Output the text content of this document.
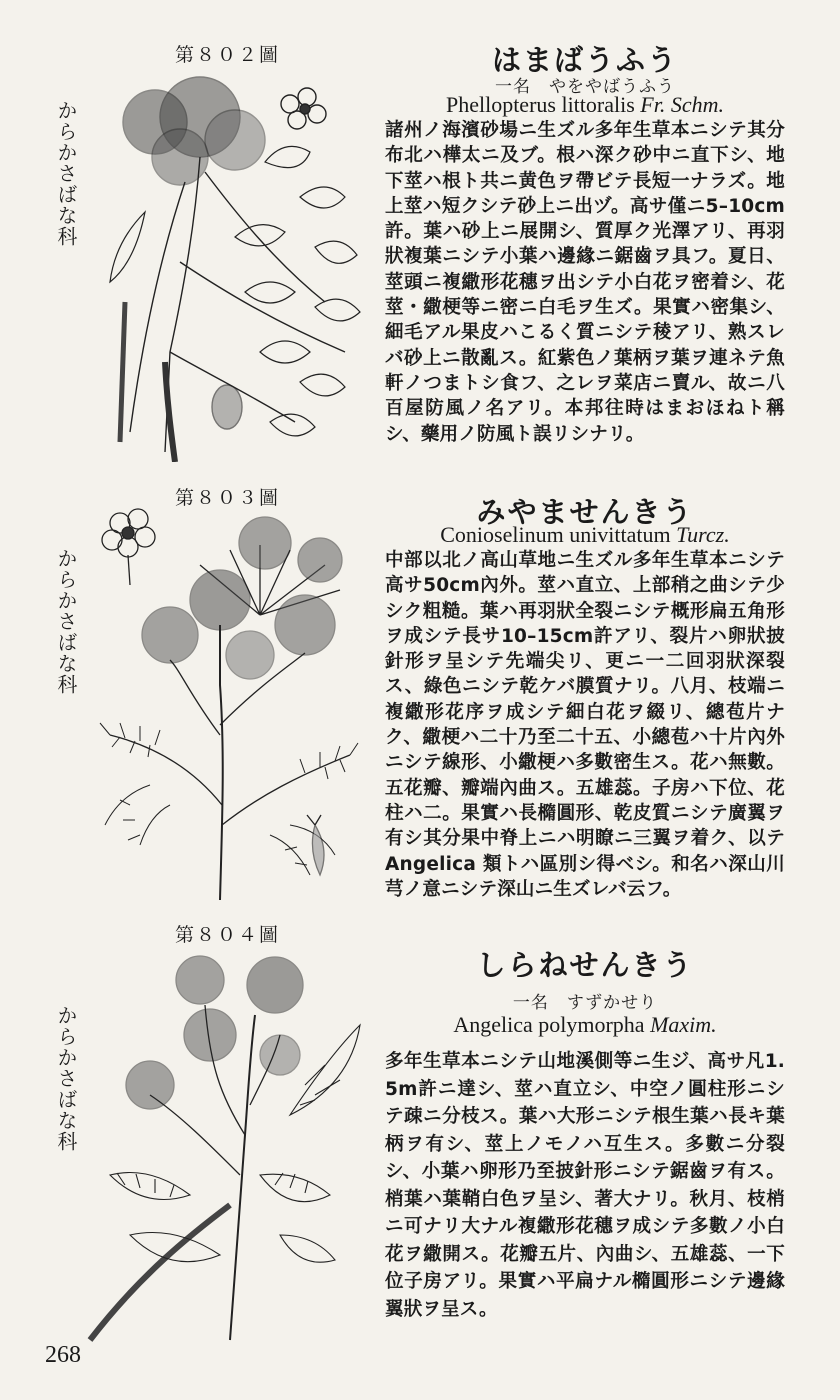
第８０２圖
からかさばな科
はまばうふう
一名　やをやばうふう
Phellopterus littoralis Fr. Schm.
諸州ノ海濱砂場ニ生ズル多年生草本ニシテ其分布北ハ樺太ニ及ブ。根ハ深ク砂中ニ直下シ、地下莖ハ根ト共ニ黄色ヲ帶ビテ長短一ナラズ。地上莖ハ短クシテ砂上ニ出ヅ。高サ僅ニ5–10cm許。葉ハ砂上ニ展開シ、質厚ク光澤アリ、再羽狀複葉ニシテ小葉ハ邊緣ニ鋸齒ヲ具フ。夏日、莖頭ニ複繖形花穗ヲ出シテ小白花ヲ密着シ、花莖・繖梗等ニ密ニ白毛ヲ生ズ。果實ハ密集シ、細毛アル果皮ハこるく質ニシテ稜アリ、熟スレバ砂上ニ散亂ス。紅紫色ノ葉柄ヲ葉ヲ連ネテ魚軒ノつまトシ食フ、之レヲ菜店ニ賣ル、故ニ八百屋防風ノ名アリ。本邦往時はまおほねト稱シ、藥用ノ防風ト誤リシナリ。
第８０３圖
からかさばな科
みやませんきう
Conioselinum univittatum Turcz.
中部以北ノ高山草地ニ生ズル多年生草本ニシテ高サ50cm內外。莖ハ直立、上部稍之曲シテ少シク粗糙。葉ハ再羽狀全裂ニシテ概形扁五角形ヲ成シテ長サ10–15cm許アリ、裂片ハ卵狀披針形ヲ呈シテ先端尖リ、更ニ一二回羽狀深裂ス、綠色ニシテ乾ケバ膜質ナリ。八月、枝端ニ複繖形花序ヲ成シテ細白花ヲ綴リ、總苞片ナク、繖梗ハ二十乃至二十五、小總苞ハ十片內外ニシテ線形、小繖梗ハ多數密生ス。花ハ無數。五花瓣、瓣端內曲ス。五雄蕊。子房ハ下位、花柱ハ二。果實ハ長橢圓形、乾皮質ニシテ廣翼ヲ有シ其分果中脊上ニハ明瞭ニ三翼ヲ着ク、以テ Angelica 類トハ區別シ得ベシ。和名ハ深山川芎ノ意ニシテ深山ニ生ズレバ云フ。
第８０４圖
からかさばな科
しらねせんきう
一名　すずかせり
Angelica polymorpha Maxim.
多年生草本ニシテ山地溪側等ニ生ジ、高サ凡1.5m許ニ達シ、莖ハ直立シ、中空ノ圓柱形ニシテ疎ニ分枝ス。葉ハ大形ニシテ根生葉ハ長キ葉柄ヲ有シ、莖上ノモノハ互生ス。多數ニ分裂シ、小葉ハ卵形乃至披針形ニシテ鋸齒ヲ有ス。梢葉ハ葉鞘白色ヲ呈シ、著大ナリ。秋月、枝梢ニ可ナリ大ナル複繖形花穗ヲ成シテ多數ノ小白花ヲ繖開ス。花瓣五片、內曲シ、五雄蕊、一下位子房アリ。果實ハ平扁ナル橢圓形ニシテ邊緣翼狀ヲ呈ス。
268
